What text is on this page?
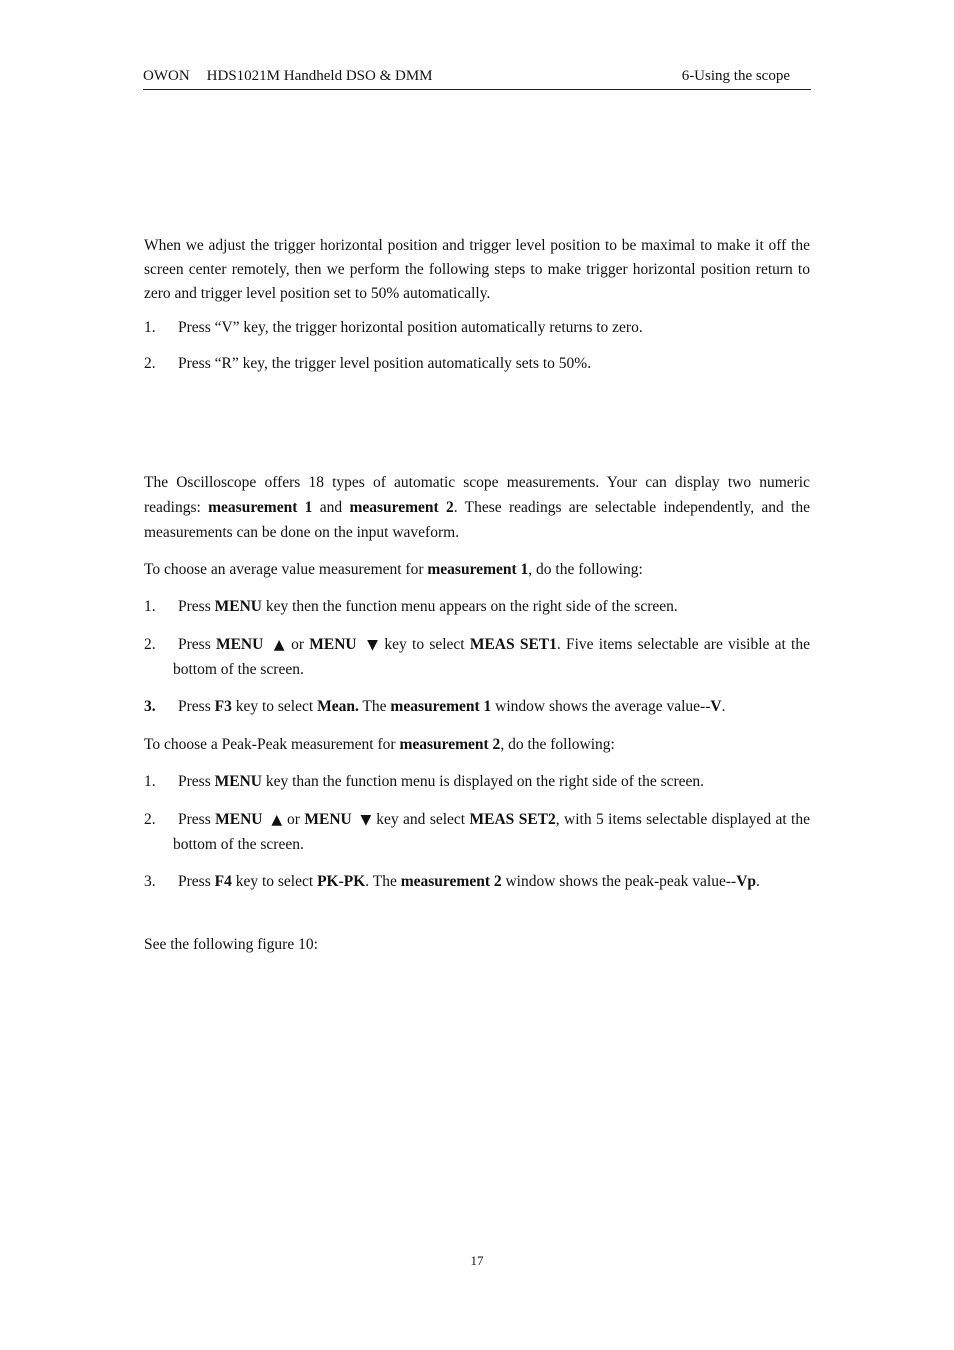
OWON HDS1021M Handheld DSO & DMM	6-Using the scope

When we adjust the trigger horizontal position and trigger level position to be maximal to make it off the screen center remotely, then we perform the following steps to make trigger horizontal position return to zero and trigger level position set to 50% automatically.

1.	Press “V” key, the trigger horizontal position automatically returns to zero.
2.	Press “R” key, the trigger level position automatically sets to 50%.

The Oscilloscope offers 18 types of automatic scope measurements. Your can display two numeric readings: measurement 1 and measurement 2. These readings are selectable independently, and the measurements can be done on the input waveform.

To choose an average value measurement for measurement 1, do the following:

1.	Press MENU key then the function menu appears on the right side of the screen.
2.	Press MENU ▲ or MENU ▼ key to select MEAS SET1. Five items selectable are visible at the bottom of the screen.
3.	Press F3 key to select Mean. The measurement 1 window shows the average value--V.

To choose a Peak-Peak measurement for measurement 2, do the following:

1.	Press MENU key than the function menu is displayed on the right side of the screen.
2.	Press MENU ▲ or MENU ▼ key and select MEAS SET2, with 5 items selectable displayed at the bottom of the screen.
3.	Press F4 key to select PK-PK. The measurement 2 window shows the peak-peak value--Vp.

See the following figure 10:

17
